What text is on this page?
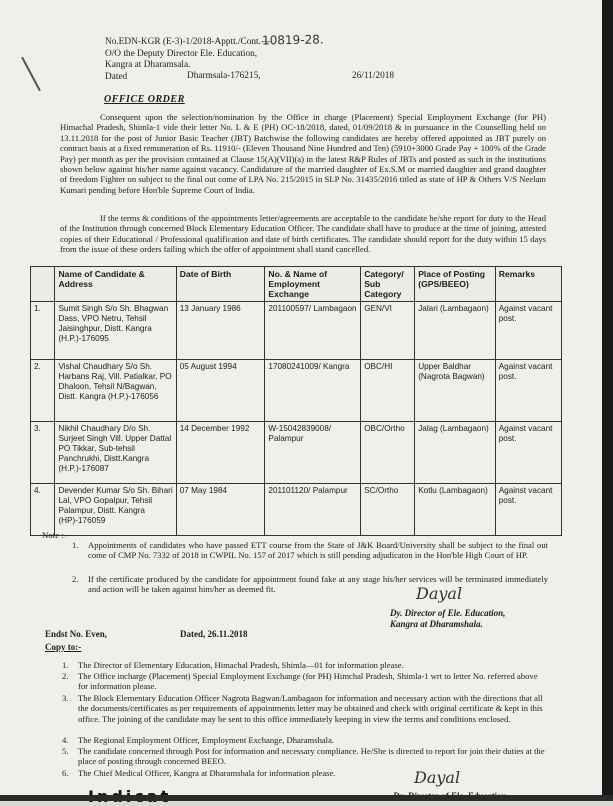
No.EDN-KGR (E-3)-1/2018-Apptt./Cont.---
O/O the Deputy Director Ele. Education,
Kangra at Dharamsala.
Dated
10819-28.
Dharmsala-176215,	26/11/2018
OFFICE ORDER
Consequent upon the selection/nomination by the Office in charge (Placement) Special Employment Exchange (for PH) Himachal Pradesh, Shimla-1 vide their letter No. L & E (PH) OC-18/2018, dated, 01/09/2018 & in pursuance in the Counselling held on 13.11.2018 for the post of Junior Basic Teacher (JBT) Batchwise the following candidates are hereby offered appointed as JBT purely on contract basis at a fixed remuneration of Rs. 11910/- (Eleven Thousand Nine Hundred and Ten) (5910+3000 Grade Pay + 100% of the Grade Pay) per month as per the provision contained at Clause 15(A)(VII)(a) in the latest R&P Rules of JBTs and posted as such in the institutions shown below against his/her name against vacancy. Candidature of the married daughter of Ex.S.M or married daughter and grand daughter of freedom Fighter on subject to the final out come of LPA No. 215/2015 in SLP No. 31435/2016 titled as state of HP & Others V/S Neelam Kumari pending before Hon'ble Supreme Court of India.
If the terms & conditions of the appointments letter/agreements are acceptable to the candidate he/she report for duty to the Head of the Institution through concerned Block Elementary Education Officer. The candidate shall have to produce at the time of joining, attested copies of their Educational / Professional qualification and date of birth certificates. The candidate should report for the duty within 15 days from the issue of these orders failing which the offer of appointment shall stand cancelled.
	Name of Candidate & Address	Date of Birth	No. & Name of Employment Exchange	Category/ Sub Category	Place of Posting (GPS/BEEO)	Remarks
1.	Sumit Singh S/o Sh. Bhagwan Dass, VPO Netru, Tehsil Jaisinghpur, Distt. Kangra (H.P.)-176095	13 January 1986	201100597/ Lambagaon	GEN/VI	Jalari (Lambagaon)	Against vacant post.
2.	Vishal Chaudhary S/o Sh. Harbans Raj, Vill. Patialkar, PO Dhaloon, Tehsil N/Bagwan, Distt. Kangra (H.P.)-176056	05 August 1994	17080241009/ Kangra	OBC/HI	Upper Baldhar (Nagrota Bagwan)	Against vacant post.
3.	Nikhil Chaudhary D/o Sh. Surjeet Singh Vill. Upper Dattal PO Tikkar, Sub-tehsil Panchrukhi, Distt.Kangra (H.P.)-176087	14 December 1992	W-15042839008/ Palampur	OBC/Ortho	Jalag (Lambagaon)	Against vacant post.
4.	Devender Kumar S/o Sh. Bihari Lal, VPO Gopalpur, Tehsil Palampur, Distt. Kangra (HP)-176059	07 May 1984	201101120/ Palampur	SC/Ortho	Kotlu (Lambagaon)	Against vacant post.
Note :-
1. Appointments of candidates who have passed ETT course from the State of J&K Board/University shall be subject to the final out come of CMP No. 7332 of 2018 in CWPIL No. 157 of 2017 which is still pending adjudicaton in the Hon'ble High Court of HP.
2. If the certificate produced by the candidate for appointment found fake at any stage his/her services will be terminated immediately and action will be taken against him/her as deemed fit.	Dayal
Dy. Director of Ele. Education,
Kangra at Dharamshala.
Endst No. Even,	Dated, 26.11.2018
Copy to:-
1. The Director of Elementary Education, Himachal Pradesh, Shimla—01 for information please.
2. The Office incharge (Placement) Special Employment Exchange (for PH) Himchal Pradesh, Shimla-1 wrt to letter No. referred above for information please.
3. The Block Elementary Education Officer Nagrota Bagwan/Lambagaon for information and necessary action with the directions that all the documents/certificates as per requirements of appointments letter may be obtained and check with original certificate & kept in this office. The joining of the candidate may be sent to this office immediately keeping in view the terms and conditions enclosed.
4. The Regional Employment Officer, Employment Exchange, Dharamshala.
5. The candidate concerned through Post for information and necessary compliance. He/She is directed to report for join their duties at the place of posting through concerned BEEO.
6. The Chief Medical Officer, Kangra at Dharamshala for information please.	Dayal
